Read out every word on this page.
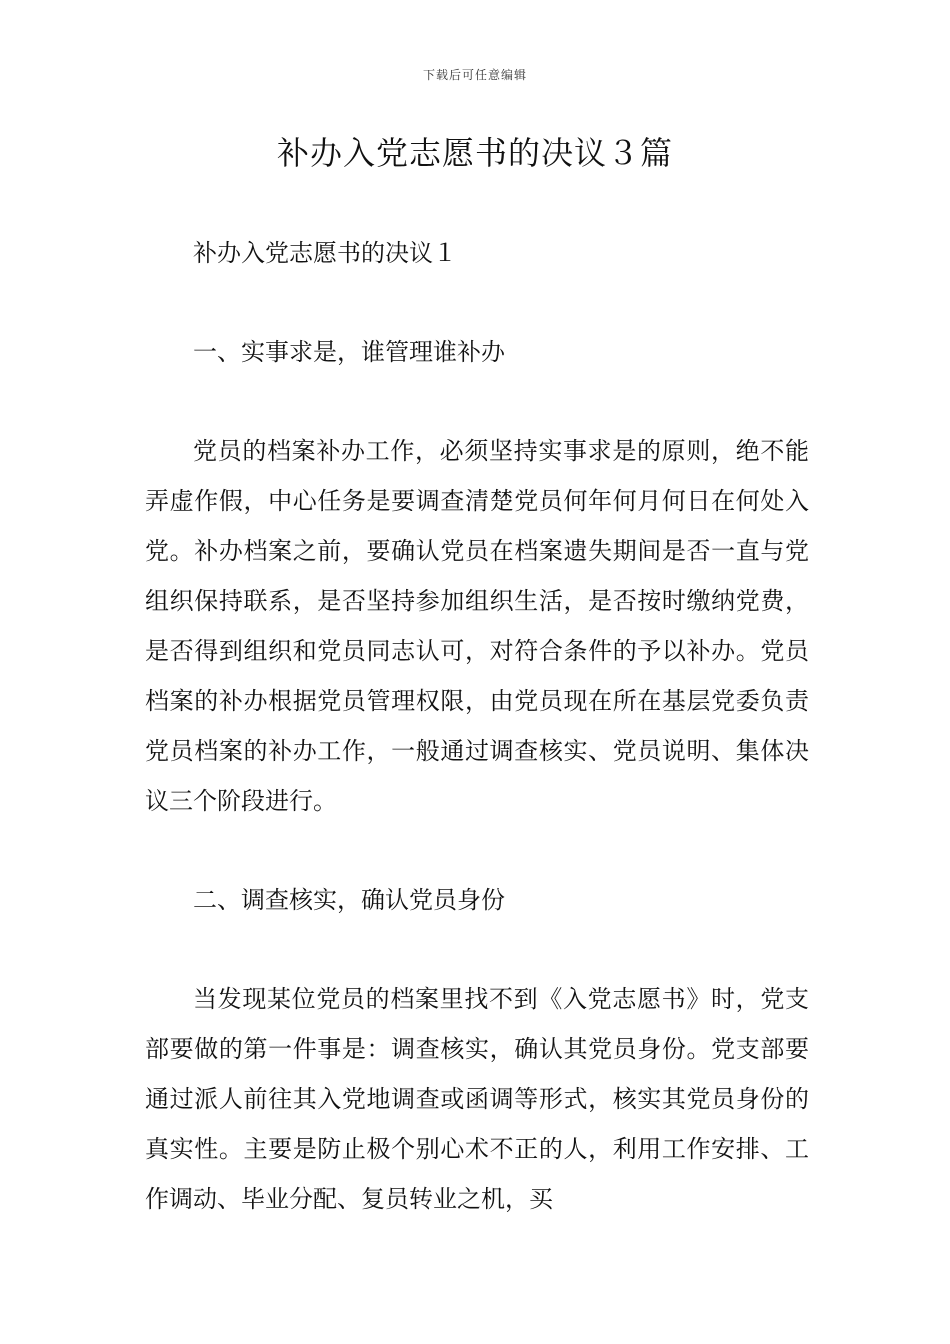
下载后可任意编辑
补办入党志愿书的决议３篇

补办入党志愿书的决议１

一、实事求是，谁管理谁补办

党员的档案补办工作，必须坚持实事求是的原则，绝不能弄虚作假，中心任务是要调查清楚党员何年何月何日在何处入党。补办档案之前，要确认党员在档案遗失期间是否一直与党组织保持联系，是否坚持参加组织生活，是否按时缴纳党费，是否得到组织和党员同志认可，对符合条件的予以补办。党员档案的补办根据党员管理权限，由党员现在所在基层党委负责党员档案的补办工作，一般通过调查核实、党员说明、集体决议三个阶段进行。

二、调查核实，确认党员身份

当发现某位党员的档案里找不到《入党志愿书》时，党支部要做的第一件事是：调查核实，确认其党员身份。党支部要通过派人前往其入党地调查或函调等形式，核实其党员身份的真实性。主要是防止极个别心术不正的人，利用工作安排、工作调动、毕业分配、复员转业之机，买
